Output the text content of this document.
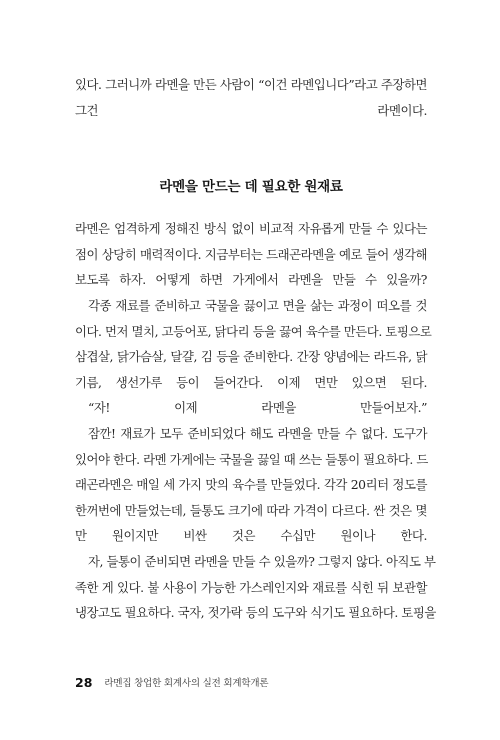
있다. 그러니까 라멘을 만든 사람이 “이건 라멘입니다”라고 주장하면
그건 라멘이다.
라멘을 만드는 데 필요한 원재료
라멘은 엄격하게 정해진 방식 없이 비교적 자유롭게 만들 수 있다는
점이 상당히 매력적이다. 지금부터는 드래곤라멘을 예로 들어 생각해
보도록 하자. 어떻게 하면 가게에서 라멘을 만들 수 있을까?
각종 재료를 준비하고 국물을 끓이고 면을 삶는 과정이 떠오를 것
이다. 먼저 멸치, 고등어포, 닭다리 등을 끓여 육수를 만든다. 토핑으로
삼겹살, 닭가슴살, 달걀, 김 등을 준비한다. 간장 양념에는 라드유, 닭
기름, 생선가루 등이 들어간다. 이제 면만 있으면 된다.
“자! 이제 라멘을 만들어보자.”
잠깐! 재료가 모두 준비되었다 해도 라멘을 만들 수 없다. 도구가
있어야 한다. 라멘 가게에는 국물을 끓일 때 쓰는 들통이 필요하다. 드
래곤라멘은 매일 세 가지 맛의 육수를 만들었다. 각각 20리터 정도를
한꺼번에 만들었는데, 들통도 크기에 따라 가격이 다르다. 싼 것은 몇
만 원이지만 비싼 것은 수십만 원이나 한다.
자, 들통이 준비되면 라멘을 만들 수 있을까? 그렇지 않다. 아직도 부
족한 게 있다. 불 사용이 가능한 가스레인지와 재료를 식힌 뒤 보관할
냉장고도 필요하다. 국자, 젓가락 등의 도구와 식기도 필요하다. 토핑을
28 라멘집 창업한 회계사의 실전 회계학개론
